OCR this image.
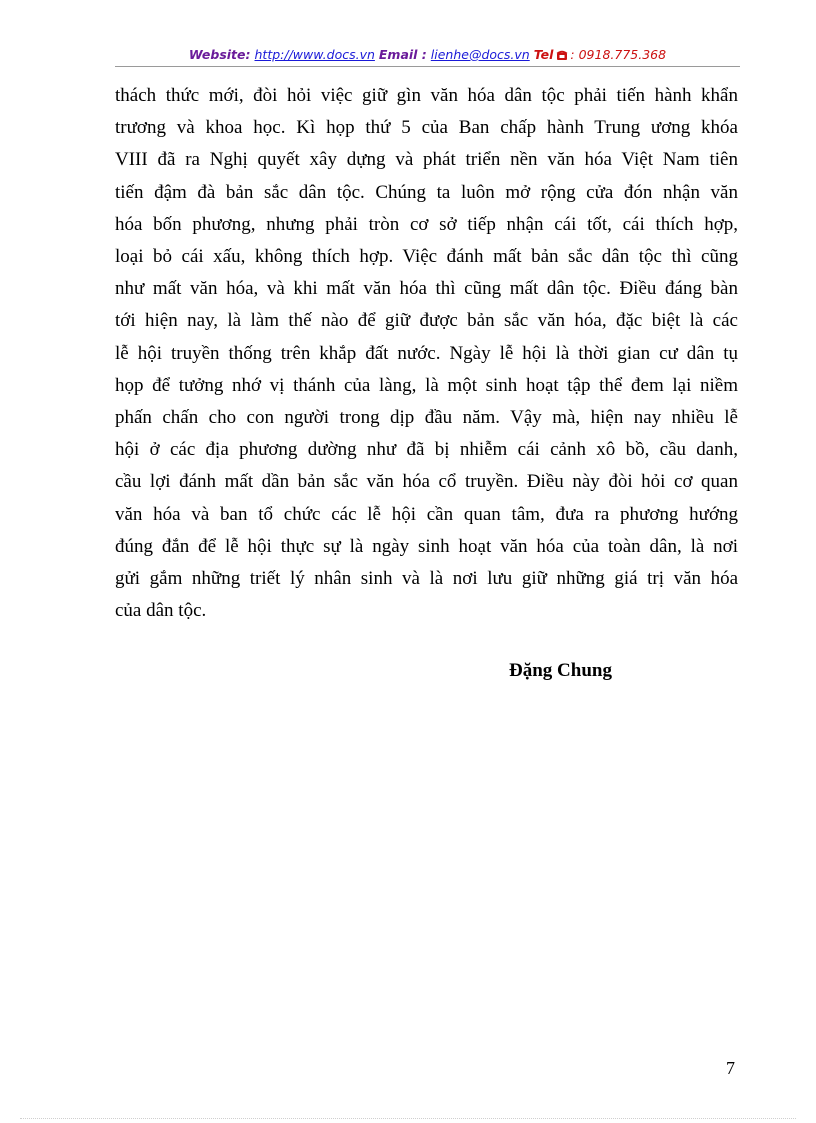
Website: http://www.docs.vn Email : lienhe@docs.vn Tel : 0918.775.368
thách thức mới, đòi hỏi việc giữ gìn văn hóa dân tộc phải tiến hành khẩn
trương và khoa học. Kì họp thứ 5 của Ban chấp hành Trung ương khóa
VIII đã ra Nghị quyết xây dựng và phát triển nền văn hóa Việt Nam tiên
tiến đậm đà bản sắc dân tộc. Chúng ta luôn mở rộng cửa đón nhận văn
hóa bốn phương, nhưng phải tròn cơ sở tiếp nhận cái tốt, cái thích hợp,
loại bỏ cái xấu, không thích hợp. Việc đánh mất bản sắc dân tộc thì cũng
như mất văn hóa, và khi mất văn hóa thì cũng mất dân tộc. Điều đáng bàn
tới hiện nay, là làm thế nào để giữ được bản sắc văn hóa, đặc biệt là các
lễ hội truyền thống trên khắp đất nước. Ngày lễ hội là thời gian cư dân tụ
họp để tưởng nhớ vị thánh của làng, là một sinh hoạt tập thể đem lại niềm
phấn chấn cho con người trong dịp đầu năm. Vậy mà, hiện nay nhiều lễ
hội ở các địa phương dường như đã bị nhiễm cái cảnh xô bồ, cầu danh,
cầu lợi đánh mất dần bản sắc văn hóa cổ truyền. Điều này đòi hỏi cơ quan
văn hóa và ban tổ chức các lễ hội cần quan tâm, đưa ra phương hướng
đúng đắn để lễ hội thực sự là ngày sinh hoạt văn hóa của toàn dân, là nơi
gửi gắm những triết lý nhân sinh và là nơi lưu giữ những giá trị văn hóa
của dân tộc.
Đặng Chung
7
